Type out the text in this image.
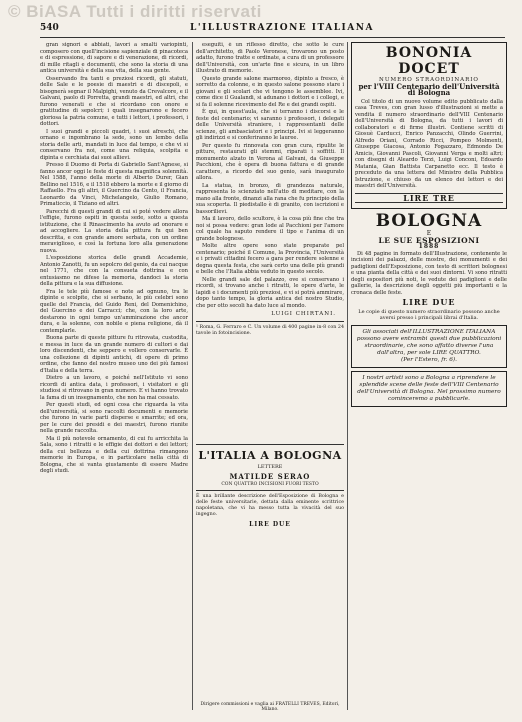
© BiASA Tutti i diritti riservati
540	L'ILLUSTRAZIONE ITALIANA

gran signori e abbiati, lavori a smalti variopinti, composero con quell'incisione sapienziale di pinacoteca e di espressione, di sapore e di venerazione, di ricordi, di mille ritagli e documenti, che sono la storia di una antica università e della sua vita, della sua gente.

Osservando fra tanti e preziosi ricordi, gli statuti, delle Sale e le poesie di maestri e di discepoli, e bisognerà segnar il Malpighi, venuto da Crevalcore, e il Galvani, paolo di Porretta, grandi maestri, ed altri, che furono venerati e che si ricordano con onore e gratitudine di sepolcri; i quali insegnarono e fecero gloriosa la patria comune, e tutti i lettori, i professori, i dottori.

I suoi grandi e piccoli quadri, i suoi afreschi, che ornano e ingombrano la sede, sono un lembo della storia delle arti, mandati in luce dal tempo, e che vi si conservano fra noi, come una reliquia, scolpita e dipinta e cerchiata dai suoi allievi.

Presso il Duomo di Porta di Gabriello Sant'Agnese, si fanno ancor oggi le feste di questa magnifica solennità. Nel 1588, l'anno della morte di Alberto Durer, Gian Bellino nel 1516, e il 1518 ebbero la morte e il giorno di Raffaello. Fra gli altri, il Guercino da Cento, il Francia, Leonardo da Vinci, Michelangelo, Giulio Romano, Primaticcio, il Tiziano ed altri.

Parecchi di questi grandi di cui si poté vedere allora l'effigie, furono ospiti in questa sede, sotto a questa istituzione, che il Rinascimento ha avuto ad onorare e ad accogliere. La storia della pittura fu qui ben descritta, e con grande amore serbata, con un ordine meraviglioso, e così la fortuna loro alla generazione nuova.

L'esposizione storica delle grandi Accademie, Antonio Zanotti, fu un sepolcro del genio, da cui nacque nel 1771, che con la consueta dottrina e con entusiasmo ne difese la memoria, dandoci la storia della pittura e la sua diffusione.

Fra le tele più famose e note ad ognuno, tra le dipinte e scolpite, che si serbano, le più celebri sono quelle del Francia, del Guido Reni, del Domenichino, del Guercino e dei Carracci; che, con la loro arte, destarono in ogni tempo un'ammirazione che ancor dura, e la solenne, con nobile e piena religione, dà il contemplarle.

Buona parte di queste pitture fu ritrovata, custodita, e messa in luce da un grande numero di cultori e dai loro discendenti, che seppero e vollero conservarle. È una collezione di dipinti antichi, di opere di primo ordine, che fanno del nostro museo uno dei più famosi d'Italia e della terra.

Dietro a un lavoro, e poiché nell'Istituto vi sono ricordi di antica data, i professori, i visitatori e gli studiosi si ritrovano in gran numero. E vi hanno trovato la fama di un insegnamento, che non ha mai cessato.

Per questi studi, ed ogni cosa che riguarda la vita dell'università, si sono raccolti documenti e memorie che furono in varie parti disperse e smarrite; ed ora, per le cure dei presidi e dei maestri, furono riunite nella grande raccolta.

Ma il più notevole ornamento, di cui fu arricchita la Sala, sono i ritratti e le effigie dei dottori e dei lettori; della cui bellezza e della cui dottrina rimangono memorie in Europa, e in particolare nella città di Bologna, che si vanta giustamente di essere Madre degli studi.

eseguiti, è un riflesso diretto, che sotto le cure dell'architetto, di Paolo Veronese, trovarono un posto adatto, furono tratte e ordinate, a cura di un professore dell'Università, con un'arte fine e sicura, in un libro illustrato di memorie.

Questo grande salone marmoreo, dipinto a fresco, è sorretto da colonne, e in questo salone possono stare i giovani e gli scolari che vi tengono le assemblee. Ivi, come dice il Gualandi, si adunano i dottori e i collegi, e si fa il solenne ricevimento del Re e dei grandi ospiti.

È qui, in quest'aula, che si terranno i discorsi e le feste del centenario; vi saranno i professori, i delegati delle Università straniere, i rappresentanti delle scienze, gli ambasciatori e i principi. Ivi si leggeranno gli indirizzi e si conferiranno le lauree.

Per questo fu rinnovata con gran cura, ripulite le pitture, restaurati gli stemmi, riparati i soffitti. Il monumento alzato in Verona al Galvani, da Giuseppe Pacchioni, che è opera di buona fattura e di grande carattere, a ricordo del suo genio, sarà inaugurato allora.

La statua, in bronzo, di grandezza naturale, rappresenta lo scienziato nell'atto di meditare, con la mano alla fronte, dinanzi alla rana che fu principio della sua scoperta. Il piedistallo è di granito, con iscrizioni e bassorilievi.

Ma il lavoro, dello scultore, è la cosa più fine che tra noi si possa vedere: gran lode al Pacchioni per l'amore col quale ha saputo rendere il tipo e l'anima di un grande bolognese.

Molte altre opere sono state preparate pel centenario; poiché il Comune, la Provincia, l'Università e i privati cittadini fecero a gara per rendere solenne e degna questa festa, che sarà certo una delle più grandi e belle che l'Italia abbia veduto in questo secolo.

Nelle grandi sale del palazzo, ove si conservano i ricordi, si trovano anche i ritratti, le opere d'arte, le lapidi e i documenti più preziosi, e vi si potrà ammirare, dopo tanto tempo, la gloria antica del nostro Studio, che per otto secoli ha dato luce al mondo.

LUIGI CHIRTANI.
¹ Roma, G. Ferraro e C. Un volume di 400 pagine in-8 con 24 tavole in fotoincisione.
L'ITALIA A BOLOGNA
LETTERE
MATILDE SERAO
CON QUATTRO INCISIONI FUORI TESTO
È una brillante descrizione dell'Esposizione di Bologna e delle feste universitarie, dettata dalla eminente scrittrice napoletana, che vi ha messo tutta la vivacità del suo ingegno.
LIRE DUE
Dirigere commissioni e vaglia ai FRATELLI TREVES, Editori, Milano.
BONONIA DOCET
NUMERO STRAORDINARIO
per l'VIII Centenario dell'Università di Bologna

Col titolo di un nuovo volume edito pubblicato dalla casa Treves, con gran lusso d'illustrazioni si mette a vendita il numero straordinario dell'VIII Centenario dell'Università di Bologna, da tutti i lavori di collaboratori e di firme illustri. Contiene scritti di Giosuè Carducci, Enrico Panzacchi, Olindo Guerrini, Alfredo Oriani, Corrado Ricci, Pompeo Molmenti, Giuseppe Giacosa, Antonio Fogazzaro, Edmondo De Amicis, Giovanni Pascoli, Giovanni Verga e molti altri; con disegni di Aleardo Terzi, Luigi Conconi, Edoardo Matania, Gian Battista Carpanetto ecc. Il testo è preceduto da una lettera del Ministro della Pubblica Istruzione, e chiuso da un elenco dei lettori e dei maestri dell'Università.

LIRE TRE
BOLOGNA
E
LE SUE ESPOSIZIONI
1888

Di 48 pagine in formato dell'Illustrazione, contenente le incisioni dei palazzi, delle mostre, dei monumenti e dei padiglioni dell'Esposizione, con testo di scrittori bolognesi e una pianta della città e dei suoi dintorni. Vi sono ritratti degli espositori più noti, le vedute dei padiglioni e delle gallerie, la descrizione degli oggetti più importanti e la cronaca delle feste.

LIRE DUE
Le copie di questo numero straordinario possono anche aversi presso i principali librai d'Italia.
Gli associati dell'ILLUSTRAZIONE ITALIANA possono avere entrambi questi due pubblicazioni straordinarie, che sono affatto diverse l'una dall'altra, per sole LIRE QUATTRO.
(Per l'Estero, fr. 6).
I nostri artisti sono a Bologna a riprendere le splendide scene delle feste dell'VIII Centenario dell'Università di Bologna. Nel prossimo numero cominceremo a pubblicarle.
